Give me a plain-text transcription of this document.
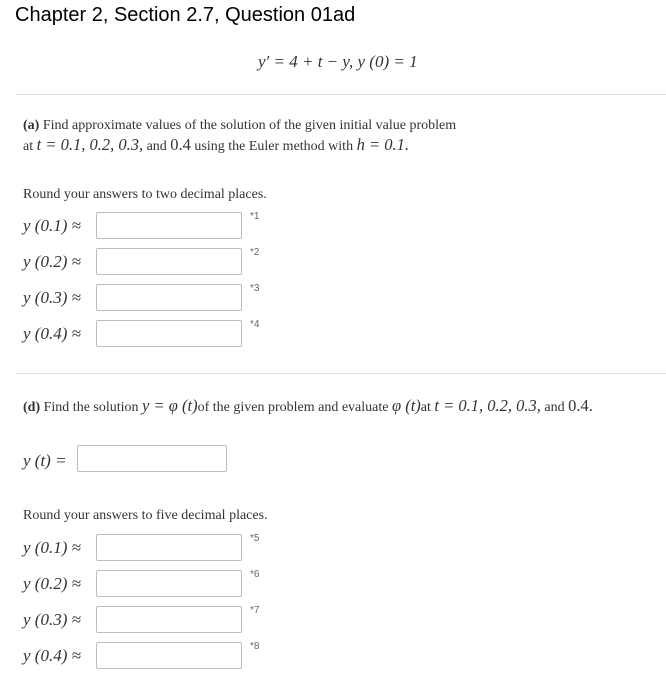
Chapter 2, Section 2.7, Question 01ad
y′ = 4 + t − y, y (0) = 1
(a) Find approximate values of the solution of the given initial value problem
at t = 0.1, 0.2, 0.3, and 0.4 using the Euler method with h = 0.1.
Round your answers to two decimal places.
y (0.1) ≈	*1
y (0.2) ≈	*2
y (0.3) ≈	*3
y (0.4) ≈	*4
(d) Find the solution y = φ (t)of the given problem and evaluate φ (t)at t = 0.1, 0.2, 0.3, and 0.4.
y (t) =
Round your answers to five decimal places.
y (0.1) ≈	*5
y (0.2) ≈	*6
y (0.3) ≈	*7
y (0.4) ≈	*8
